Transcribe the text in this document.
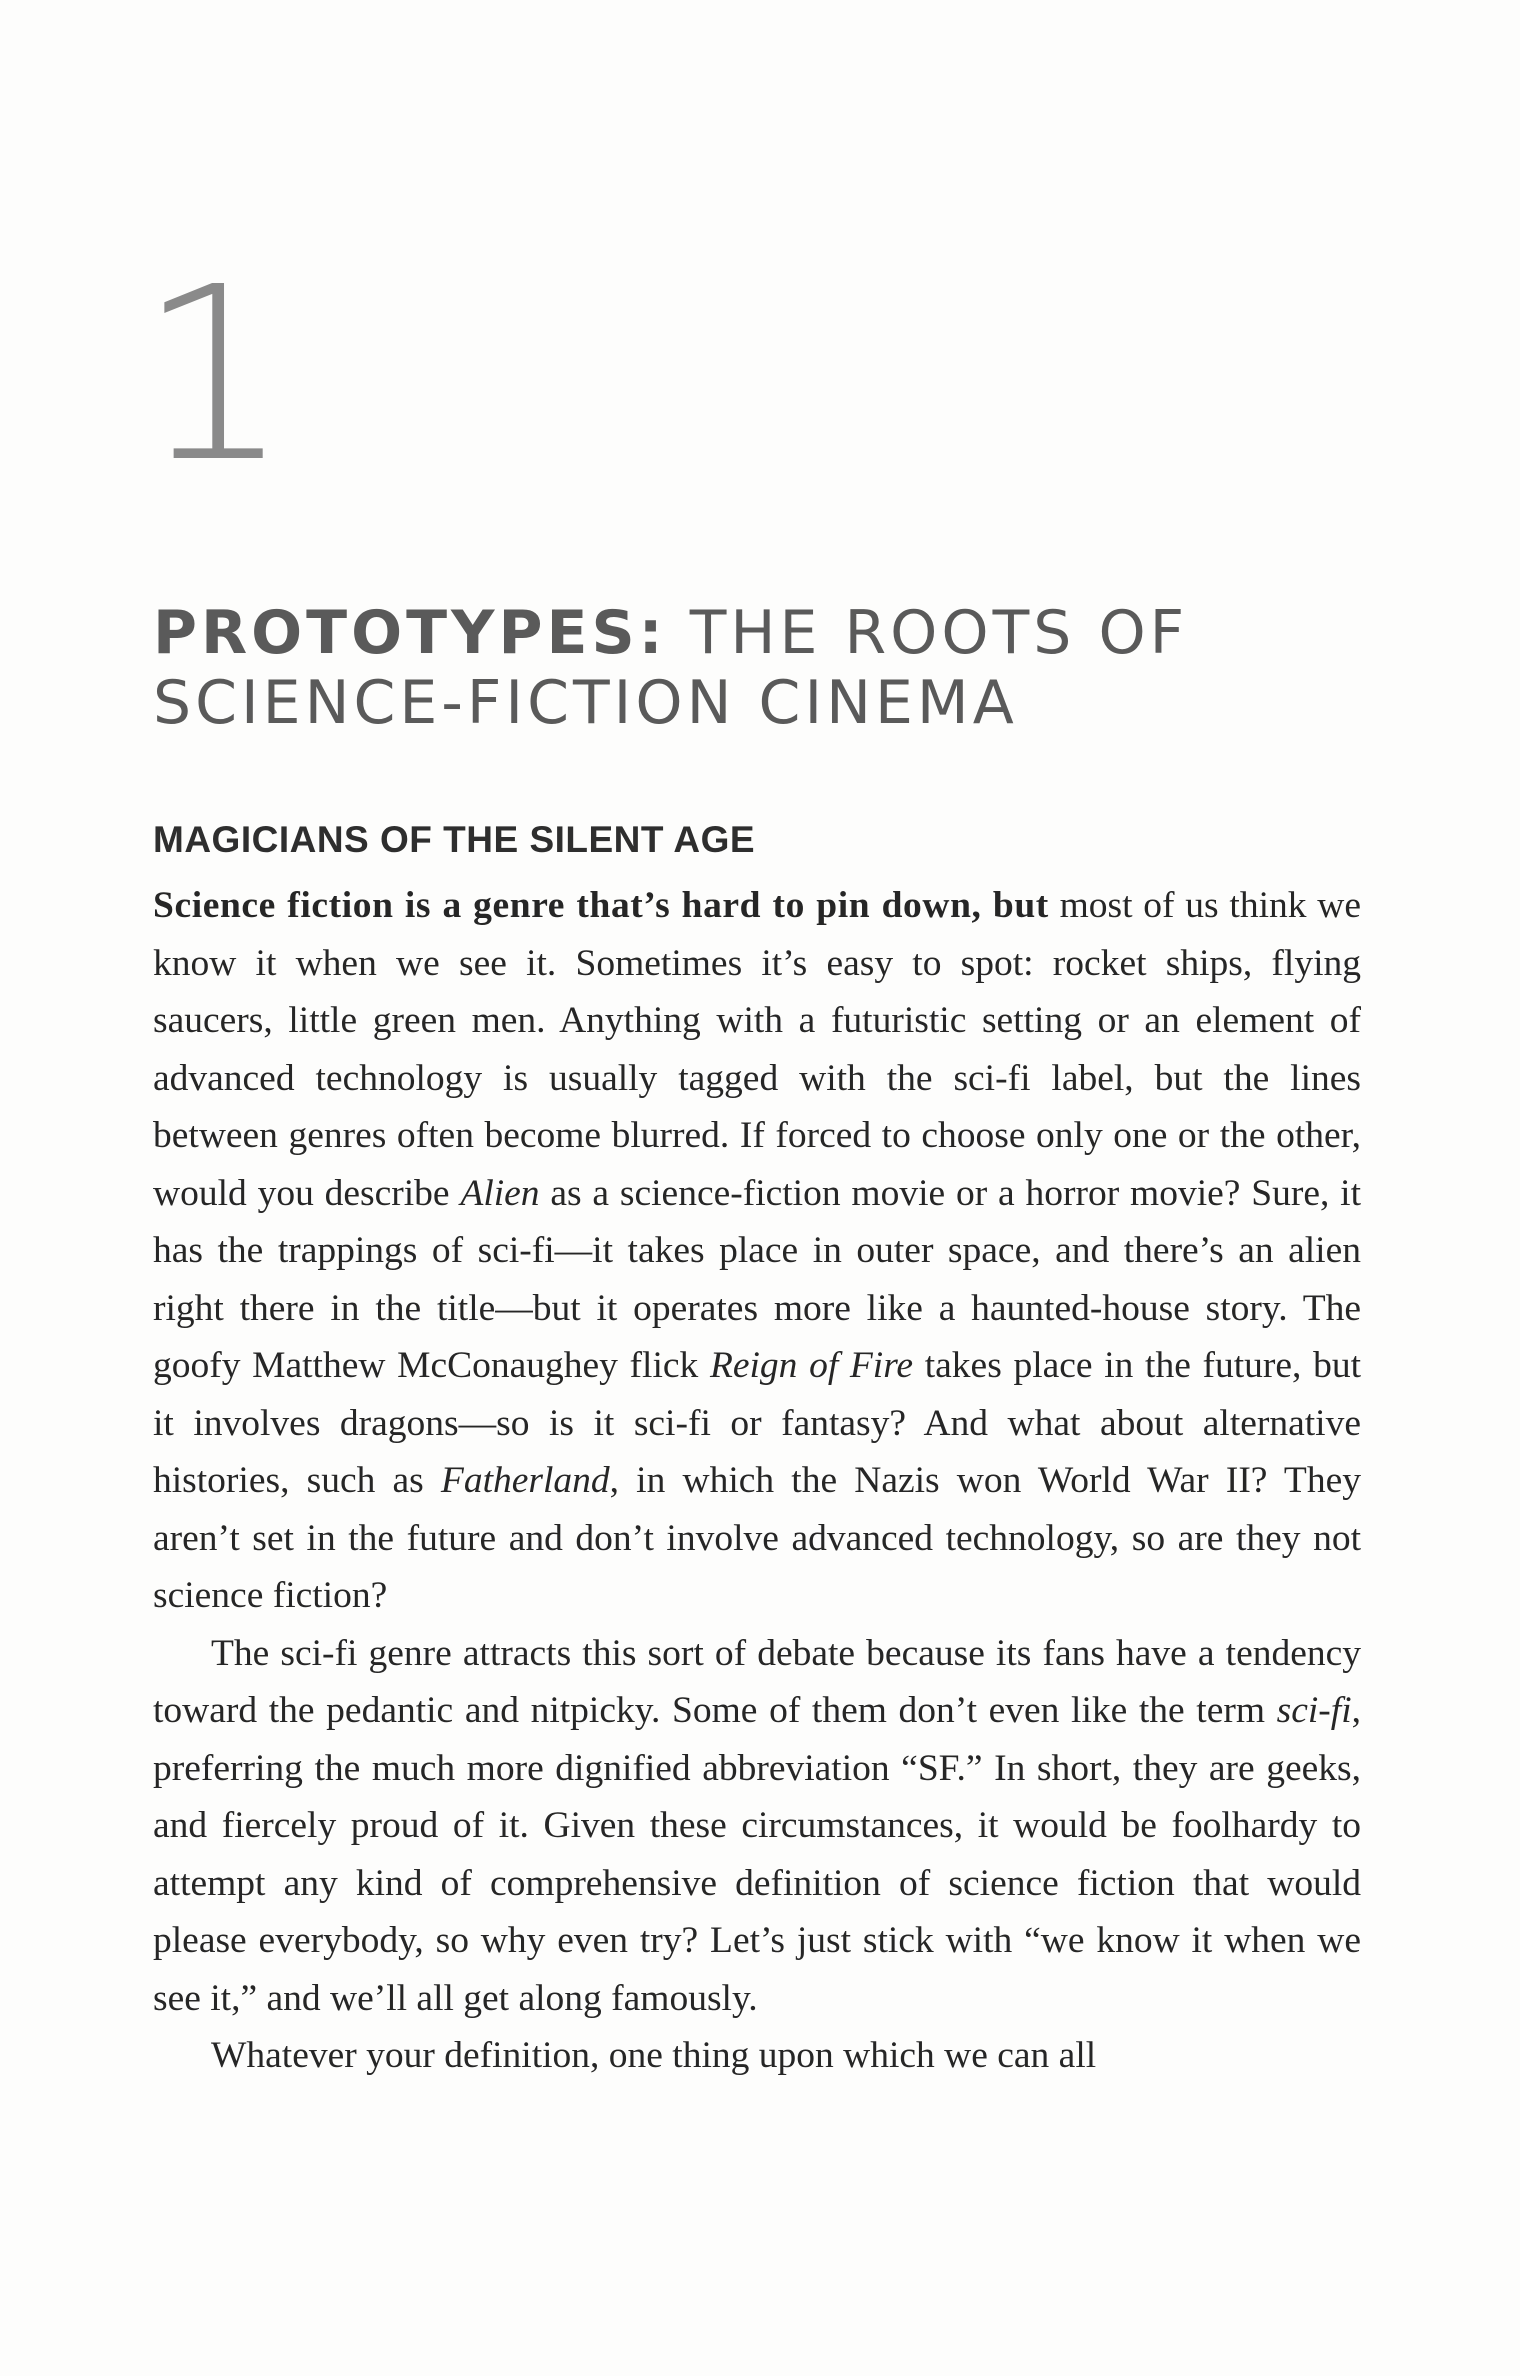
1
PROTOTYPES: THE ROOTS OF SCIENCE-FICTION CINEMA
MAGICIANS OF THE SILENT AGE

Science fiction is a genre that’s hard to pin down, but most of us think we know it when we see it. Sometimes it’s easy to spot: rocket ships, flying saucers, little green men. Anything with a futuristic setting or an element of advanced technology is usually tagged with the sci-fi label, but the lines between genres often become blurred. If forced to choose only one or the other, would you describe Alien as a science-fiction movie or a horror movie? Sure, it has the trappings of sci-fi—it takes place in outer space, and there’s an alien right there in the title—but it operates more like a haunted-house story. The goofy Matthew McConaughey flick Reign of Fire takes place in the future, but it involves dragons—so is it sci-fi or fantasy? And what about alternative histories, such as Fatherland, in which the Nazis won World War II? They aren’t set in the future and don’t involve advanced technology, so are they not science fiction?

The sci-fi genre attracts this sort of debate because its fans have a tendency toward the pedantic and nitpicky. Some of them don’t even like the term sci-fi, preferring the much more dignified abbreviation “SF.” In short, they are geeks, and fiercely proud of it. Given these circumstances, it would be foolhardy to attempt any kind of comprehensive definition of science fiction that would please everybody, so why even try? Let’s just stick with “we know it when we see it,” and we’ll all get along famously.

Whatever your definition, one thing upon which we can all
